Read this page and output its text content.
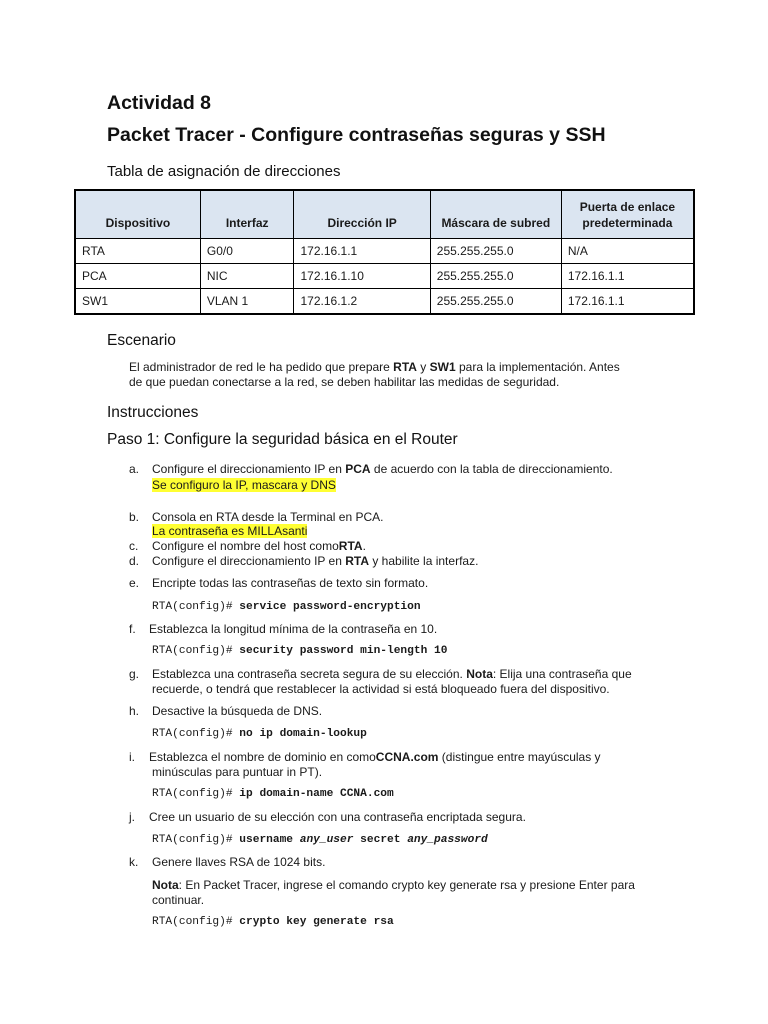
Actividad 8
Packet Tracer - Configure contraseñas seguras y SSH
Tabla de asignación de direcciones
Dispositivo	Interfaz	Dirección IP	Máscara de subred	Puerta de enlace predeterminada
RTA	G0/0	172.16.1.1	255.255.255.0	N/A
PCA	NIC	172.16.1.10	255.255.255.0	172.16.1.1
SW1	VLAN 1	172.16.1.2	255.255.255.0	172.16.1.1
Escenario
El administrador de red le ha pedido que prepare RTA y SW1 para la implementación. Antes
de que puedan conectarse a la red, se deben habilitar las medidas de seguridad.
Instrucciones
Paso 1: Configure la seguridad básica en el Router
a. Configure el direccionamiento IP en PCA de acuerdo con la tabla de direccionamiento.
Se configuro la IP, mascara y DNS
b. Consola en RTA desde la Terminal en PCA.
La contraseña es MILLAsanti
c. Configure el nombre del host comoRTA.
d. Configure el direccionamiento IP en RTA y habilite la interfaz.
e. Encripte todas las contraseñas de texto sin formato.
RTA(config)# service password-encryption
f. Establezca la longitud mínima de la contraseña en 10.
RTA(config)# security password min-length 10
g. Establezca una contraseña secreta segura de su elección. Nota: Elija una contraseña que
recuerde, o tendrá que restablecer la actividad si está bloqueado fuera del dispositivo.
h. Desactive la búsqueda de DNS.
RTA(config)# no ip domain-lookup
i. Establezca el nombre de dominio en comoCCNA.com (distingue entre mayúsculas y
minúsculas para puntuar in PT).
RTA(config)# ip domain-name CCNA.com
j. Cree un usuario de su elección con una contraseña encriptada segura.
RTA(config)# username any_user secret any_password
k. Genere llaves RSA de 1024 bits.
Nota: En Packet Tracer, ingrese el comando crypto key generate rsa y presione Enter para
continuar.
RTA(config)# crypto key generate rsa
